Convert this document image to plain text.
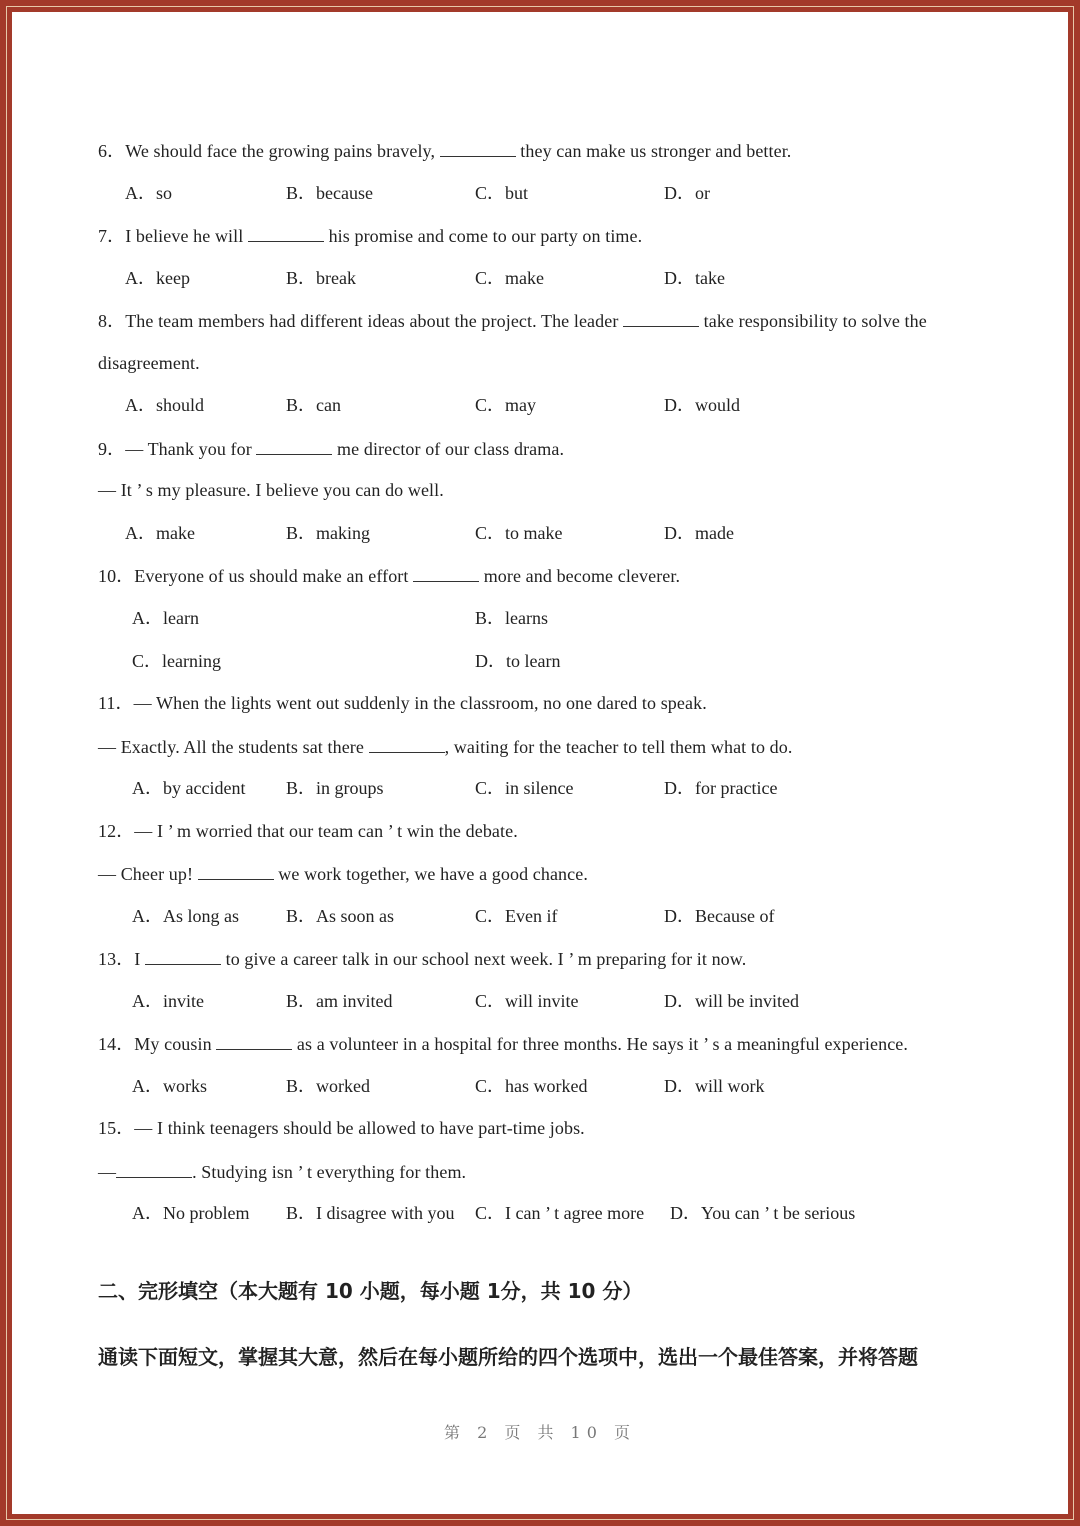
6．We should face the growing pains bravely,	they can make us stronger and better.
A．so	B．because	C．but	D．or
7．I believe he will	his promise and come to our party on time.
A．keep	B．break	C．make	D．take
8．The team members had different ideas about the project. The leader	take responsibility to solve the
disagreement.
A．should	B．can	C．may	D．would
9．— Thank you for	me director of our class drama.
— It ’ s my pleasure. I believe you can do well.
A．make	B．making	C．to make	D．made
10．Everyone of us should make an effort	more and become cleverer.
A．learn	B．learns
C．learning	D．to learn
11．— When the lights went out suddenly in the classroom, no one dared to speak.
— Exactly. All the students sat there	, waiting for the teacher to tell them what to do.
A．by accident B．in groups	C．in silence	D．for practice
12．— I ’ m worried that our team can ’ t win the debate.
— Cheer up!	we work together, we have a good chance.
A．As long as	B．As soon as	C．Even if	D．Because of
13．I	to give a career talk in our school next week. I ’ m preparing for it now.
A．invite	B．am invited	C．will invite	D．will be invited
14．My cousin	as a volunteer in a hospital for three months. He says it ’ s a meaningful experience.
A．works	B．worked	C．has worked	D．will work
15．— I think teenagers should be allowed to have part-time jobs.
—	. Studying isn ’ t everything for them.
A．No problem B．I disagree with you C．I can ’ t agree more D．You can ’ t be serious
二、完形填空（本大题有 10 小题，每小题 1分，共 10 分）
通读下面短文，掌握其大意，然后在每小题所给的四个选项中，选出一个最佳答案，并将答题
第 2 页 共 10 页
